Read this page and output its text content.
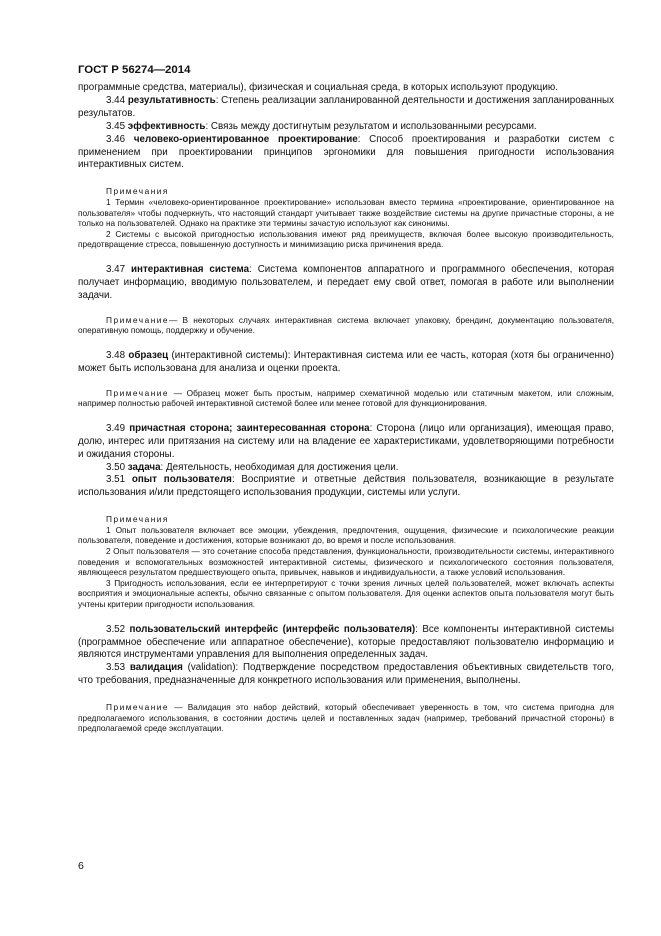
ГОСТ Р 56274—2014

программные средства, материалы), физическая и социальная среда, в которых используют продукцию.

3.44 результативность: Степень реализации запланированной деятельности и достижения запланированных результатов.

3.45 эффективность: Связь между достигнутым результатом и использованными ресурсами.

3.46 человеко-ориентированное проектирование: Способ проектирования и разработки систем с применением при проектировании принципов эргономики для повышения пригодности использования интерактивных систем.

Примечания

1 Термин «человеко-ориентированное проектирование» использован вместо термина «проектирование, ориентированное на пользователя» чтобы подчеркнуть, что настоящий стандарт учитывает также воздействие системы на другие причастные стороны, а не только на пользователей. Однако на практике эти термины зачастую используют как синонимы.

2 Системы с высокой пригодностью использования имеют ряд преимуществ, включая более высокую производительность, предотвращение стресса, повышенную доступность и минимизацию риска причинения вреда.

3.47 интерактивная система: Система компонентов аппаратного и программного обеспечения, которая получает информацию, вводимую пользователем, и передает ему свой ответ, помогая в работе или выполнении задачи.

Примечание— В некоторых случаях интерактивная система включает упаковку, брендинг, документацию пользователя, оперативную помощь, поддержку и обучение.

3.48 образец (интерактивной системы): Интерактивная система или ее часть, которая (хотя бы ограниченно) может быть использована для анализа и оценки проекта.

Примечание — Образец может быть простым, например схематичной моделью или статичным макетом, или сложным, например полностью рабочей интерактивной системой более или менее готовой для функционирования.

3.49 причастная сторона; заинтересованная сторона: Сторона (лицо или организация), имеющая право, долю, интерес или притязания на систему или на владение ее характеристиками, удовлетворяющими потребности и ожидания стороны.

3.50 задача: Деятельность, необходимая для достижения цели.

3.51 опыт пользователя: Восприятие и ответные действия пользователя, возникающие в результате использования и/или предстоящего использования продукции, системы или услуги.

Примечания

1 Опыт пользователя включает все эмоции, убеждения, предпочтения, ощущения, физические и психологические реакции пользователя, поведение и достижения, которые возникают до, во время и после использования.

2 Опыт пользователя — это сочетание способа представления, функциональности, производительности системы, интерактивного поведения и вспомогательных возможностей интерактивной системы, физического и психологического состояния пользователя, являющееся результатом предшествующего опыта, привычек, навыков и индивидуальности, а также условий использования.

3 Пригодность использования, если ее интерпретируют с точки зрения личных целей пользователей, может включать аспекты восприятия и эмоциональные аспекты, обычно связанные с опытом пользователя. Для оценки аспектов опыта пользователя могут быть учтены критерии пригодности использования.

3.52 пользовательский интерфейс (интерфейс пользователя): Все компоненты интерактивной системы (программное обеспечение или аппаратное обеспечение), которые предоставляют пользователю информацию и являются инструментами управления для выполнения определенных задач.

3.53 валидация (validation): Подтверждение посредством предоставления объективных свидетельств того, что требования, предназначенные для конкретного использования или применения, выполнены.

Примечание — Валидация это набор действий, который обеспечивает уверенность в том, что система пригодна для предполагаемого использования, в состоянии достичь целей и поставленных задач (например, требований причастной стороны) в предполагаемой среде эксплуатации.

6
